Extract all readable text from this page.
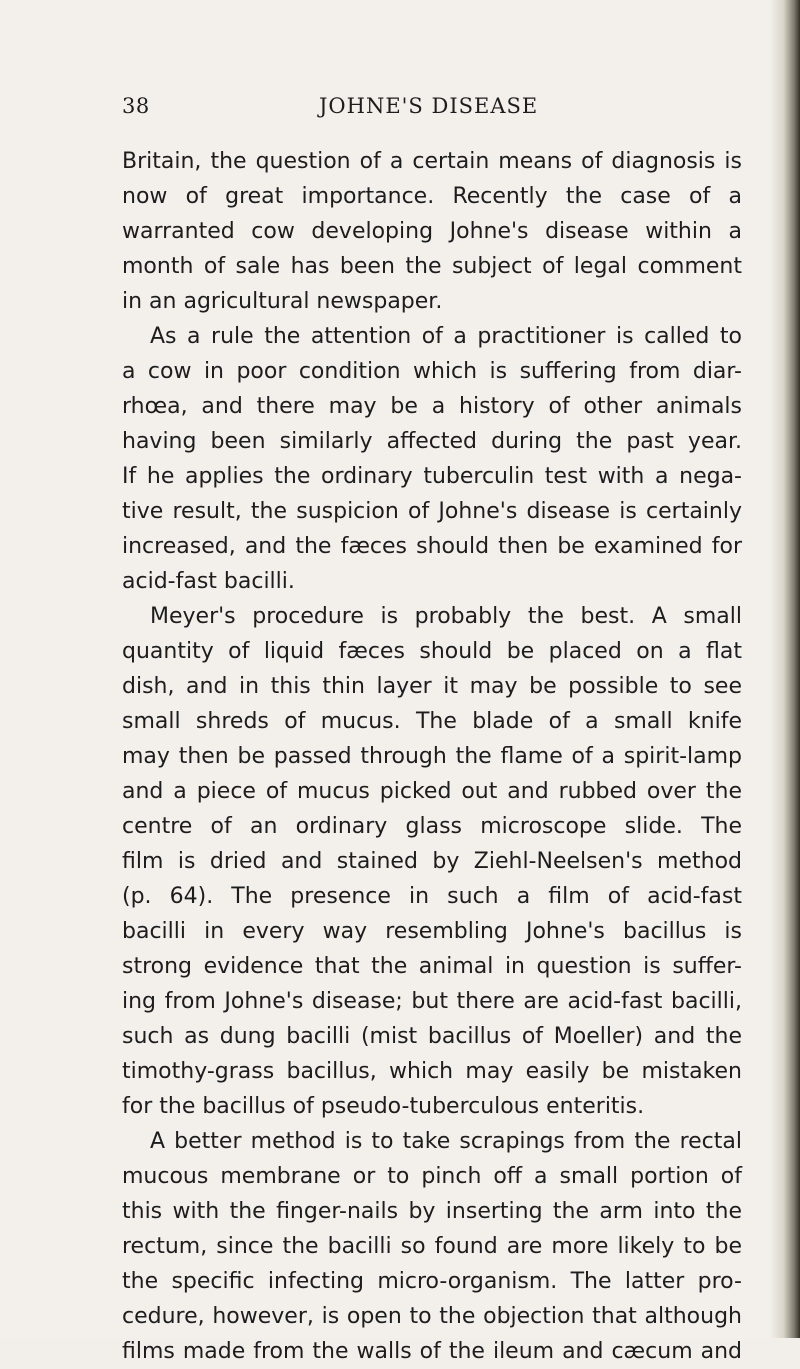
38	JOHNE'S DISEASE
Britain, the question of a certain means of diagnosis is
now of great importance. Recently the case of a
warranted cow developing Johne's disease within a
month of sale has been the subject of legal comment
in an agricultural newspaper.
As a rule the attention of a practitioner is called to
a cow in poor condition which is suffering from diar-
rhœa, and there may be a history of other animals
having been similarly affected during the past year.
If he applies the ordinary tuberculin test with a nega-
tive result, the suspicion of Johne's disease is certainly
increased, and the fæces should then be examined for
acid-fast bacilli.
Meyer's procedure is probably the best. A small
quantity of liquid fæces should be placed on a flat
dish, and in this thin layer it may be possible to see
small shreds of mucus. The blade of a small knife
may then be passed through the flame of a spirit-lamp
and a piece of mucus picked out and rubbed over the
centre of an ordinary glass microscope slide. The
film is dried and stained by Ziehl-Neelsen's method
(p. 64). The presence in such a film of acid-fast
bacilli in every way resembling Johne's bacillus is
strong evidence that the animal in question is suffer-
ing from Johne's disease; but there are acid-fast bacilli,
such as dung bacilli (mist bacillus of Moeller) and the
timothy-grass bacillus, which may easily be mistaken
for the bacillus of pseudo-tuberculous enteritis.
A better method is to take scrapings from the rectal
mucous membrane or to pinch off a small portion of
this with the finger-nails by inserting the arm into the
rectum, since the bacilli so found are more likely to be
the specific infecting micro-organism. The latter pro-
cedure, however, is open to the objection that although
films made from the walls of the ileum and cæcum and
